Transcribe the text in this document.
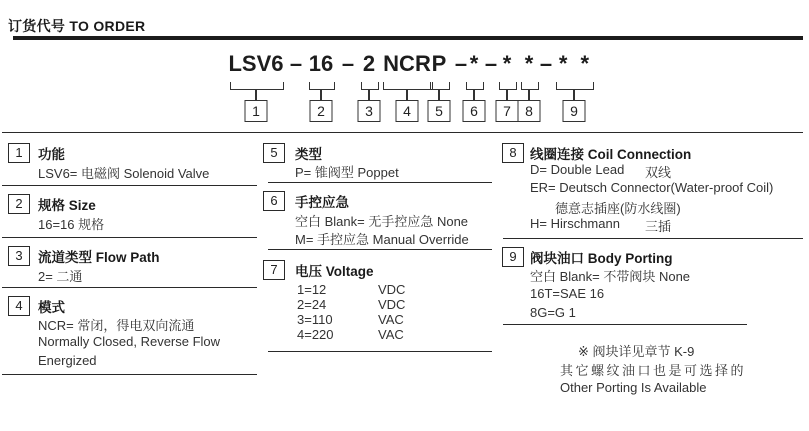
订货代号 TO ORDER
LSV6
1
16
2
2
3
NCR
4
P
5
*
6
*
7
*
8
* *
9
– –	– – –
1	功能
LSV6= 电磁阀 Solenoid Valve
2	规格 Size
16=16 规格
3	流道类型 Flow Path
2= 二通
4	模式
NCR= 常闭，得电双向流通
Normally Closed, Reverse Flow
Energized
5	类型
P= 锥阀型 Poppet
6	手控应急
空白 Blank= 无手控应急 None
M= 手控应急 Manual Override
7	电压 Voltage
1=12	VDC
2=24	VDC
3=110	VAC
4=220	VAC
8 线圈连接 Coil Connection
D= Double Lead 双线
ER= Deutsch Connector(Water-proof Coil)
德意志插座(防水线圈)
H= Hirschmann 三插
9 阀块油口 Body Porting
空白 Blank= 不带阀块 None
16T=SAE 16
8G=G 1
※ 阀块详见章节 K-9
其它螺纹油口也是可选择的
Other Porting Is Available
